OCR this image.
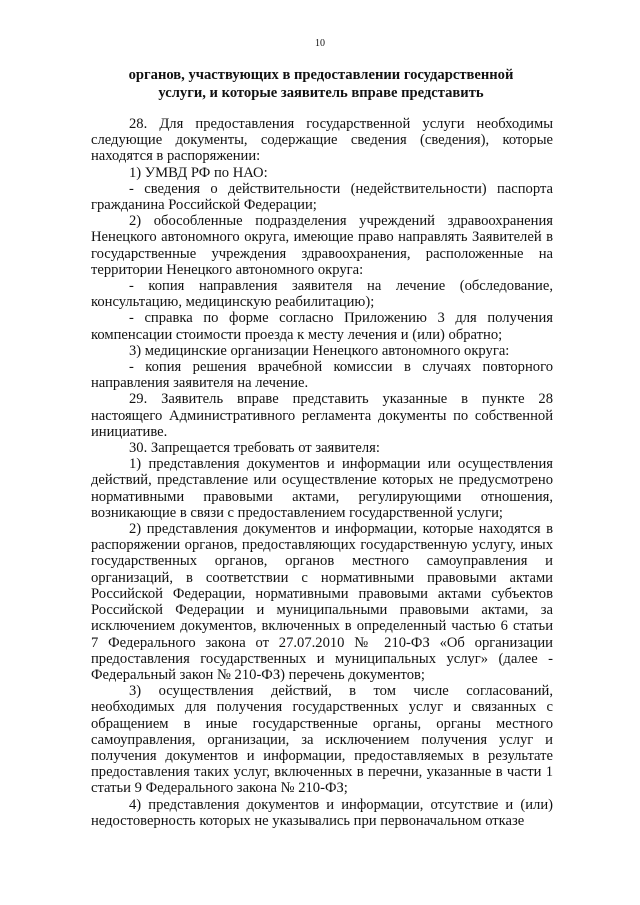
10
органов, участвующих в предоставлении государственной
услуги, и которые заявитель вправе представить

28. Для предоставления государственной услуги необходимы следующие документы, содержащие сведения (сведения), которые находятся в распоряжении:

1) УМВД РФ по НАО:

- сведения о действительности (недействительности) паспорта гражданина Российской Федерации;

2) обособленные подразделения учреждений здравоохранения Ненецкого автономного округа, имеющие право направлять Заявителей в государственные учреждения здравоохранения, расположенные на территории Ненецкого автономного округа:

- копия направления заявителя на лечение (обследование, консультацию, медицинскую реабилитацию);

- справка по форме согласно Приложению 3 для получения компенсации стоимости проезда к месту лечения и (или) обратно;

3) медицинские организации Ненецкого автономного округа:

- копия решения врачебной комиссии в случаях повторного направления заявителя на лечение.

29. Заявитель вправе представить указанные в пункте 28 настоящего Административного регламента документы по собственной инициативе.

30. Запрещается требовать от заявителя:

1) представления документов и информации или осуществления действий, представление или осуществление которых не предусмотрено нормативными правовыми актами, регулирующими отношения, возникающие в связи с предоставлением государственной услуги;

2) представления документов и информации, которые находятся в распоряжении органов, предоставляющих государственную услугу, иных государственных органов, органов местного самоуправления и организаций, в соответствии с нормативными правовыми актами Российской Федерации, нормативными правовыми актами субъектов Российской Федерации и муниципальными правовыми актами, за исключением документов, включенных в определенный частью 6 статьи 7 Федерального закона от 27.07.2010 № 210-ФЗ «Об организации предоставления государственных и муниципальных услуг» (далее - Федеральный закон № 210-ФЗ) перечень документов;

3) осуществления действий, в том числе согласований, необходимых для получения государственных услуг и связанных с обращением в иные государственные органы, органы местного самоуправления, организации, за исключением получения услуг и получения документов и информации, предоставляемых в результате предоставления таких услуг, включенных в перечни, указанные в части 1 статьи 9 Федерального закона № 210-ФЗ;

4) представления документов и информации, отсутствие и (или) недостоверность которых не указывались при первоначальном отказе
